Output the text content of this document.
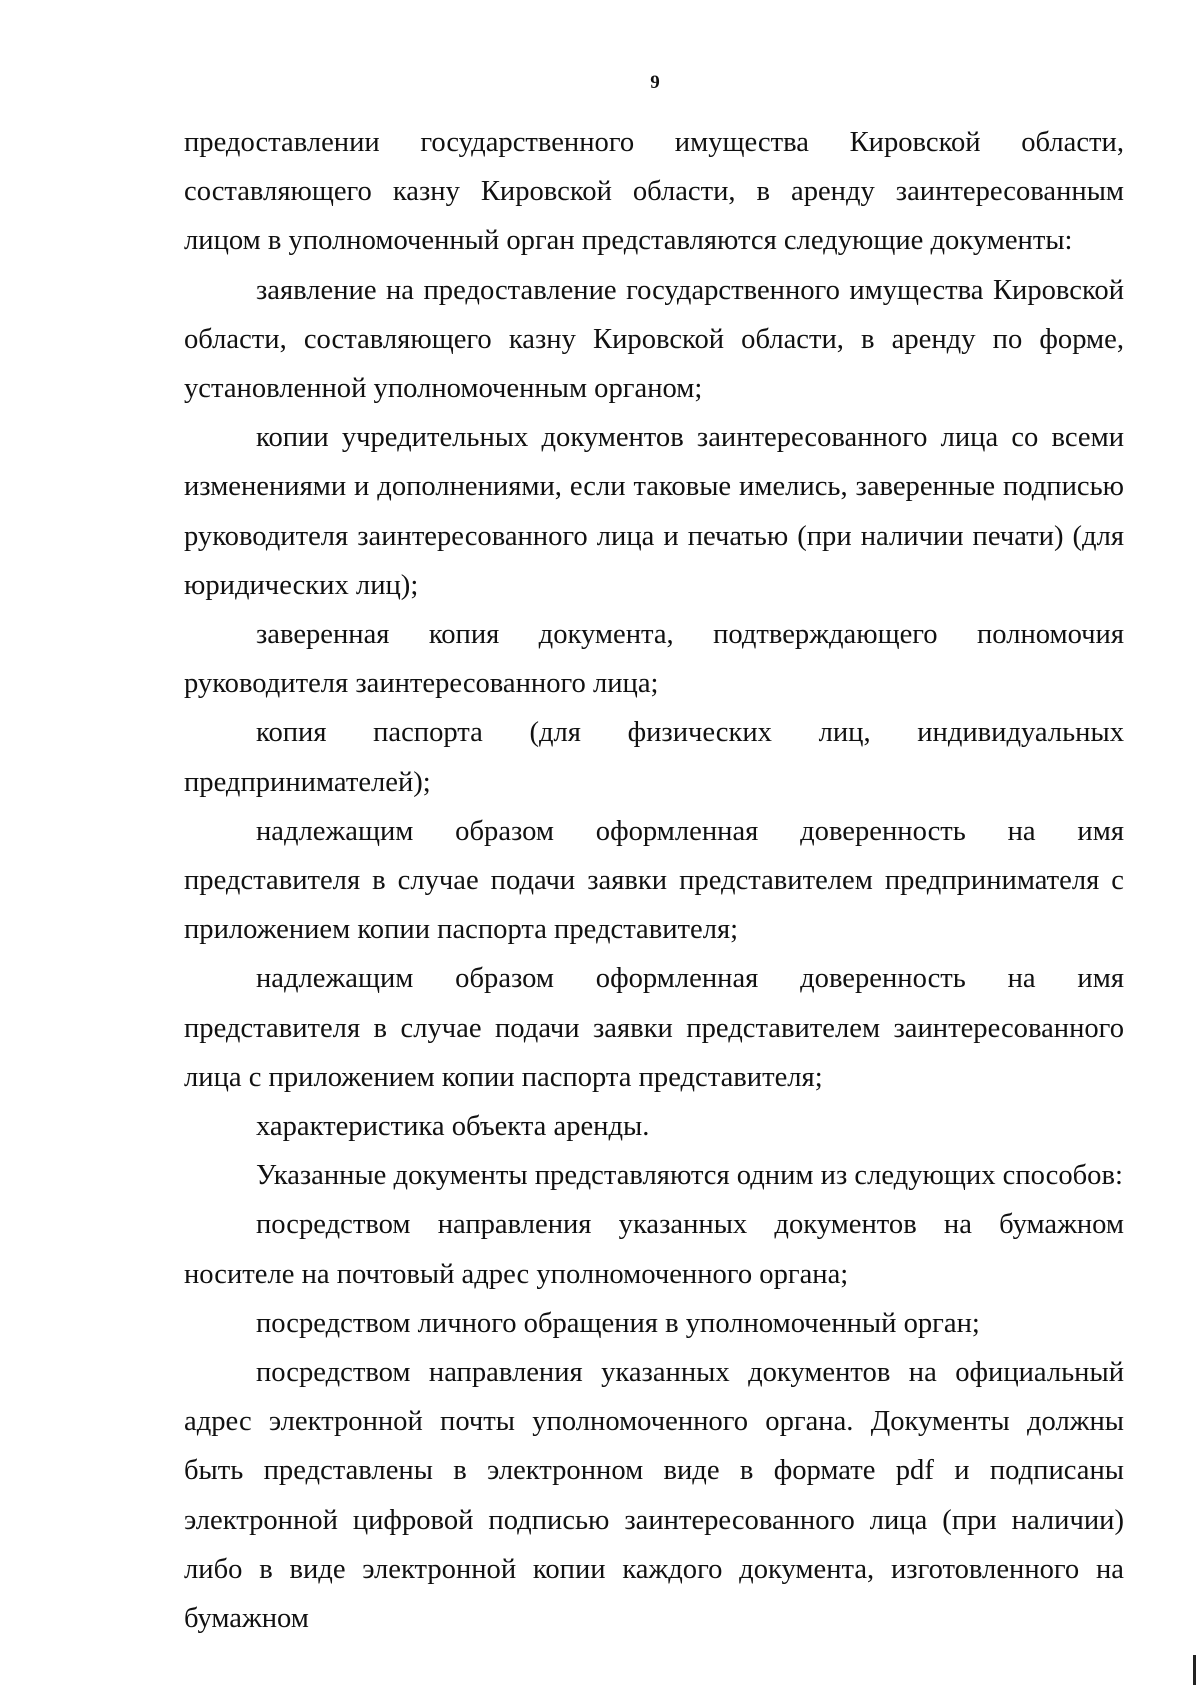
9

предоставлении государственного имущества Кировской области, составляющего казну Кировской области, в аренду заинтересованным лицом в уполномоченный орган представляются следующие документы:

заявление на предоставление государственного имущества Кировской области, составляющего казну Кировской области, в аренду по форме, установленной уполномоченным органом;

копии учредительных документов заинтересованного лица со всеми изменениями и дополнениями, если таковые имелись, заверенные подписью руководителя заинтересованного лица и печатью (при наличии печати) (для юридических лиц);

заверенная копия документа, подтверждающего полномочия руководителя заинтересованного лица;

копия паспорта (для физических лиц, индивидуальных предпринимателей);

надлежащим образом оформленная доверенность на имя представителя в случае подачи заявки представителем предпринимателя с приложением копии паспорта представителя;

надлежащим образом оформленная доверенность на имя представителя в случае подачи заявки представителем заинтересованного лица с приложением копии паспорта представителя;

характеристика объекта аренды.

Указанные документы представляются одним из следующих способов:

посредством направления указанных документов на бумажном носителе на почтовый адрес уполномоченного органа;

посредством личного обращения в уполномоченный орган;

посредством направления указанных документов на официальный адрес электронной почты уполномоченного органа. Документы должны быть представлены в электронном виде в формате pdf и подписаны электронной цифровой подписью заинтересованного лица (при наличии) либо в виде электронной копии каждого документа, изготовленного на бумажном
